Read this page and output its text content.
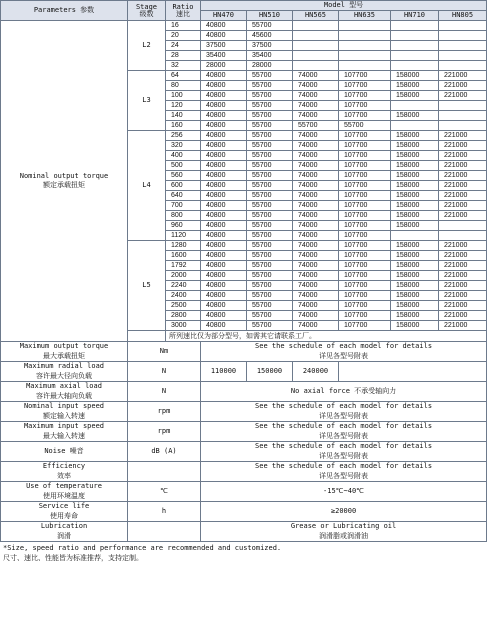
Parameters 参数	Stage
级数	Ratio
速比	Model 型号					

			HN470	HN510	HN565	HN635	HN710	HN805

Nominal output torque
额定承载扭矩	L2	16	40800	55700				
		20	40800	45600				
		24	37500	37500				
		28	35400	35400				
		32	28000	28000				

	L3	64	40800	55700	74000	107700	158000	221000
		80	40800	55700	74000	107700	158000	221000
		100	40800	55700	74000	107700	158000	221000
		120	40800	55700	74000	107700		
		140	40800	55700	74000	107700	158000	
		160	40800	55700	55700	55700		

	L4	256	40800	55700	74000	107700	158000	221000
		320	40800	55700	74000	107700	158000	221000
		400	40800	55700	74000	107700	158000	221000
		500	40800	55700	74000	107700	158000	221000
		560	40800	55700	74000	107700	158000	221000
		600	40800	55700	74000	107700	158000	221000
		640	40800	55700	74000	107700	158000	221000
		700	40800	55700	74000	107700	158000	221000
		800	40800	55700	74000	107700	158000	221000
		960	40800	55700	74000	107700	158000	
		1120	40800	55700	74000	107700		

	L5	1280	40800	55700	74000	107700	158000	221000
		1600	40800	55700	74000	107700	158000	221000
		1792	40800	55700	74000	107700	158000	221000
		2000	40800	55700	74000	107700	158000	221000
		2240	40800	55700	74000	107700	158000	221000
		2400	40800	55700	74000	107700	158000	221000
		2500	40800	55700	74000	107700	158000	221000
		2800	40800	55700	74000	107700	158000	221000
		3000	40800	55700	74000	107700	158000	221000
		所列速比仅为部分型号，如需其它请联系工厂。						

Maximum output torque
最大承载扭矩	Nm		See the schedule of each model for details
详见各型号附表					

Maximum radial load
容许最大径向负载	N		110000	150000	240000			

Maximum axial load
容许最大轴向负载	N		No axial force 不承受轴向力					

Nominal input speed
额定输入转速	rpm		See the schedule of each model for details
详见各型号附表					

Maximum input speed
最大输入转速	rpm		See the schedule of each model for details
详见各型号附表					

Noise 噪音	dB (A)		See the schedule of each model for details
详见各型号附表					

Efficiency
效率			See the schedule of each model for details
详见各型号附表					

Use of temperature
使用环境温度	℃		-15℃~40℃					

Service life
使用寿命	h		≥20000					

Lubrication
润滑			Grease or Lubricating oil
润滑脂或润滑油					
*Size, speed ratio and performance are recommended and customized.
尺寸、速比、性能皆为标准推荐，支持定制。
